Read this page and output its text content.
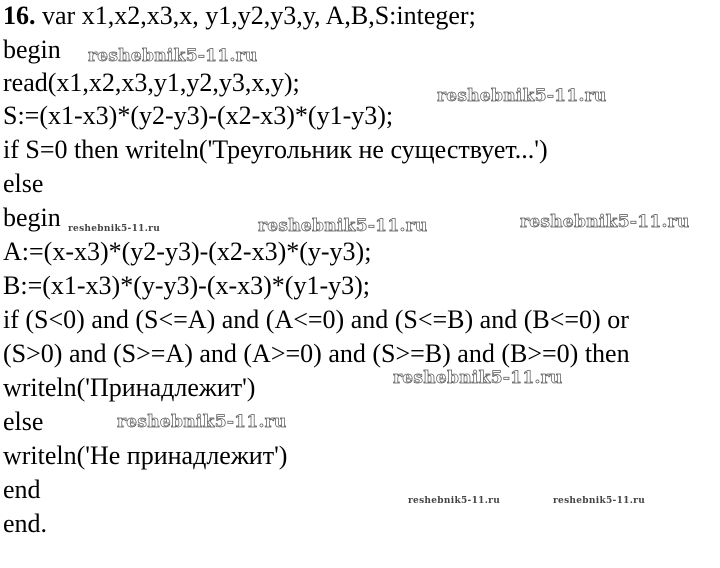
16. var x1,x2,x3,x, y1,y2,y3,y, A,B,S:integer;
begin
read(x1,x2,x3,y1,y2,y3,x,y);
S:=(x1-x3)*(y2-y3)-(x2-x3)*(y1-y3);
if S=0 then writeln('Треугольник не существует...')
else
begin
A:=(x-x3)*(y2-y3)-(x2-x3)*(y-y3);
B:=(x1-x3)*(y-y3)-(x-x3)*(y1-y3);
if (S<0) and (S<=A) and (A<=0) and (S<=B) and (B<=0) or
(S>0) and (S>=A) and (A>=0) and (S>=B) and (B>=0) then
writeln('Принадлежит')
else
writeln('Не принадлежит')
end
end.
reshebnik5-11.ru
reshebnik5-11.ru
reshebnik5-11.ru	reshebnik5-11.ru	reshebnik5-11.ru
reshebnik5-11.ru
reshebnik5-11.ru
reshebnik5-11.ru	reshebnik5-11.ru
